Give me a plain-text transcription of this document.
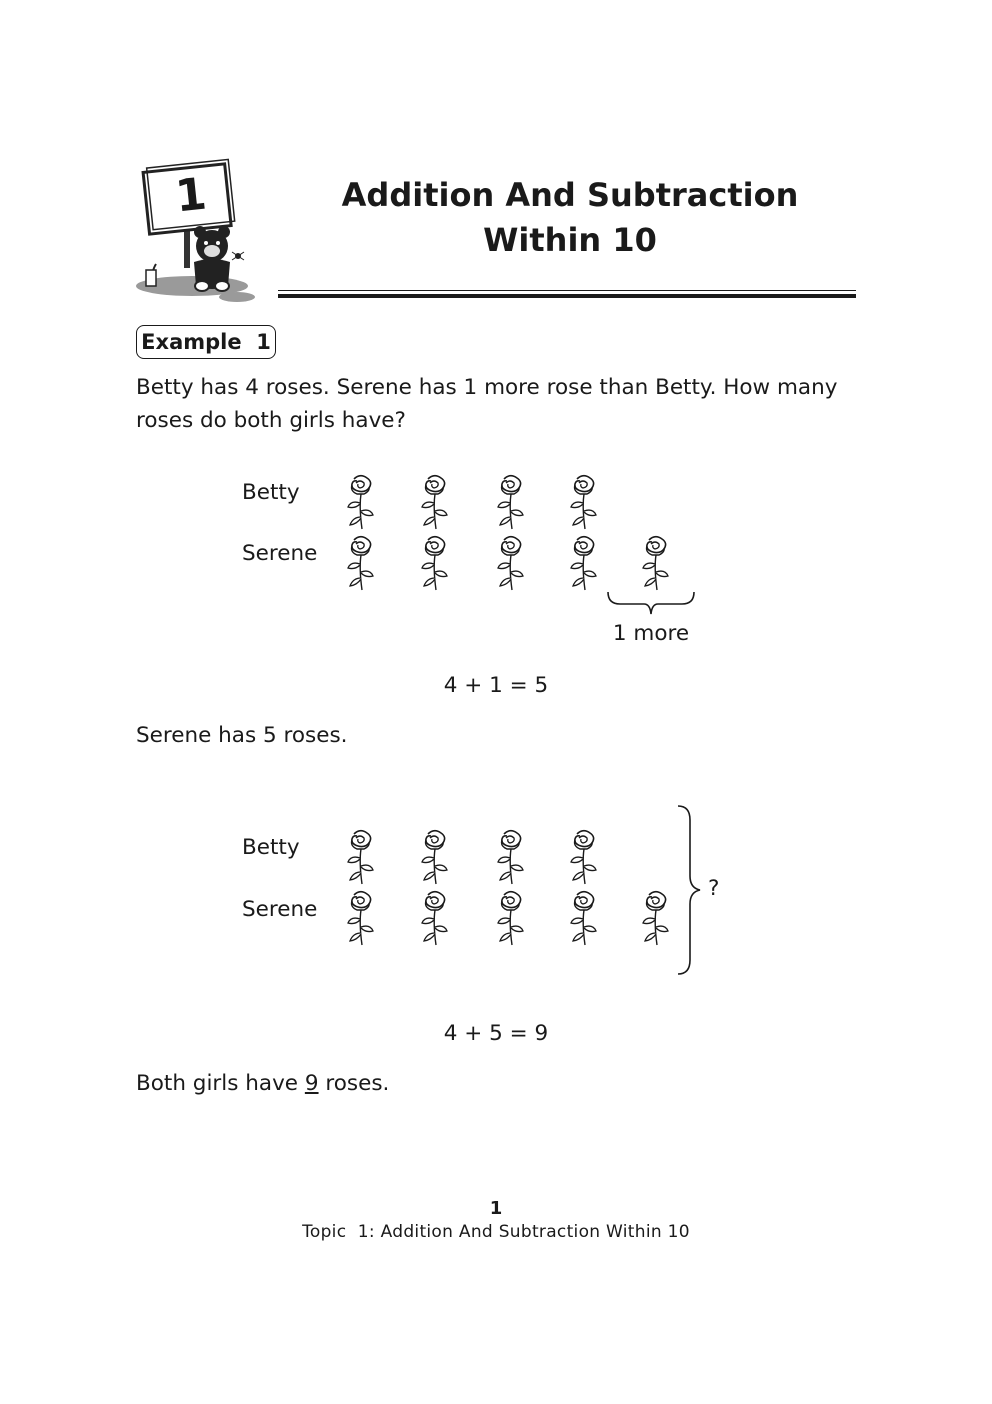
1	Addition And Subtraction
Within 10
Example  1
Betty has 4 roses. Serene has 1 more rose than Betty. How many
roses do both girls have?
Betty
Serene
1 more
4 + 1 = 5
Serene has 5 roses.
Betty
Serene
?
4 + 5 = 9
Both girls have 9 roses.
1
Topic  1: Addition And Subtraction Within 10
